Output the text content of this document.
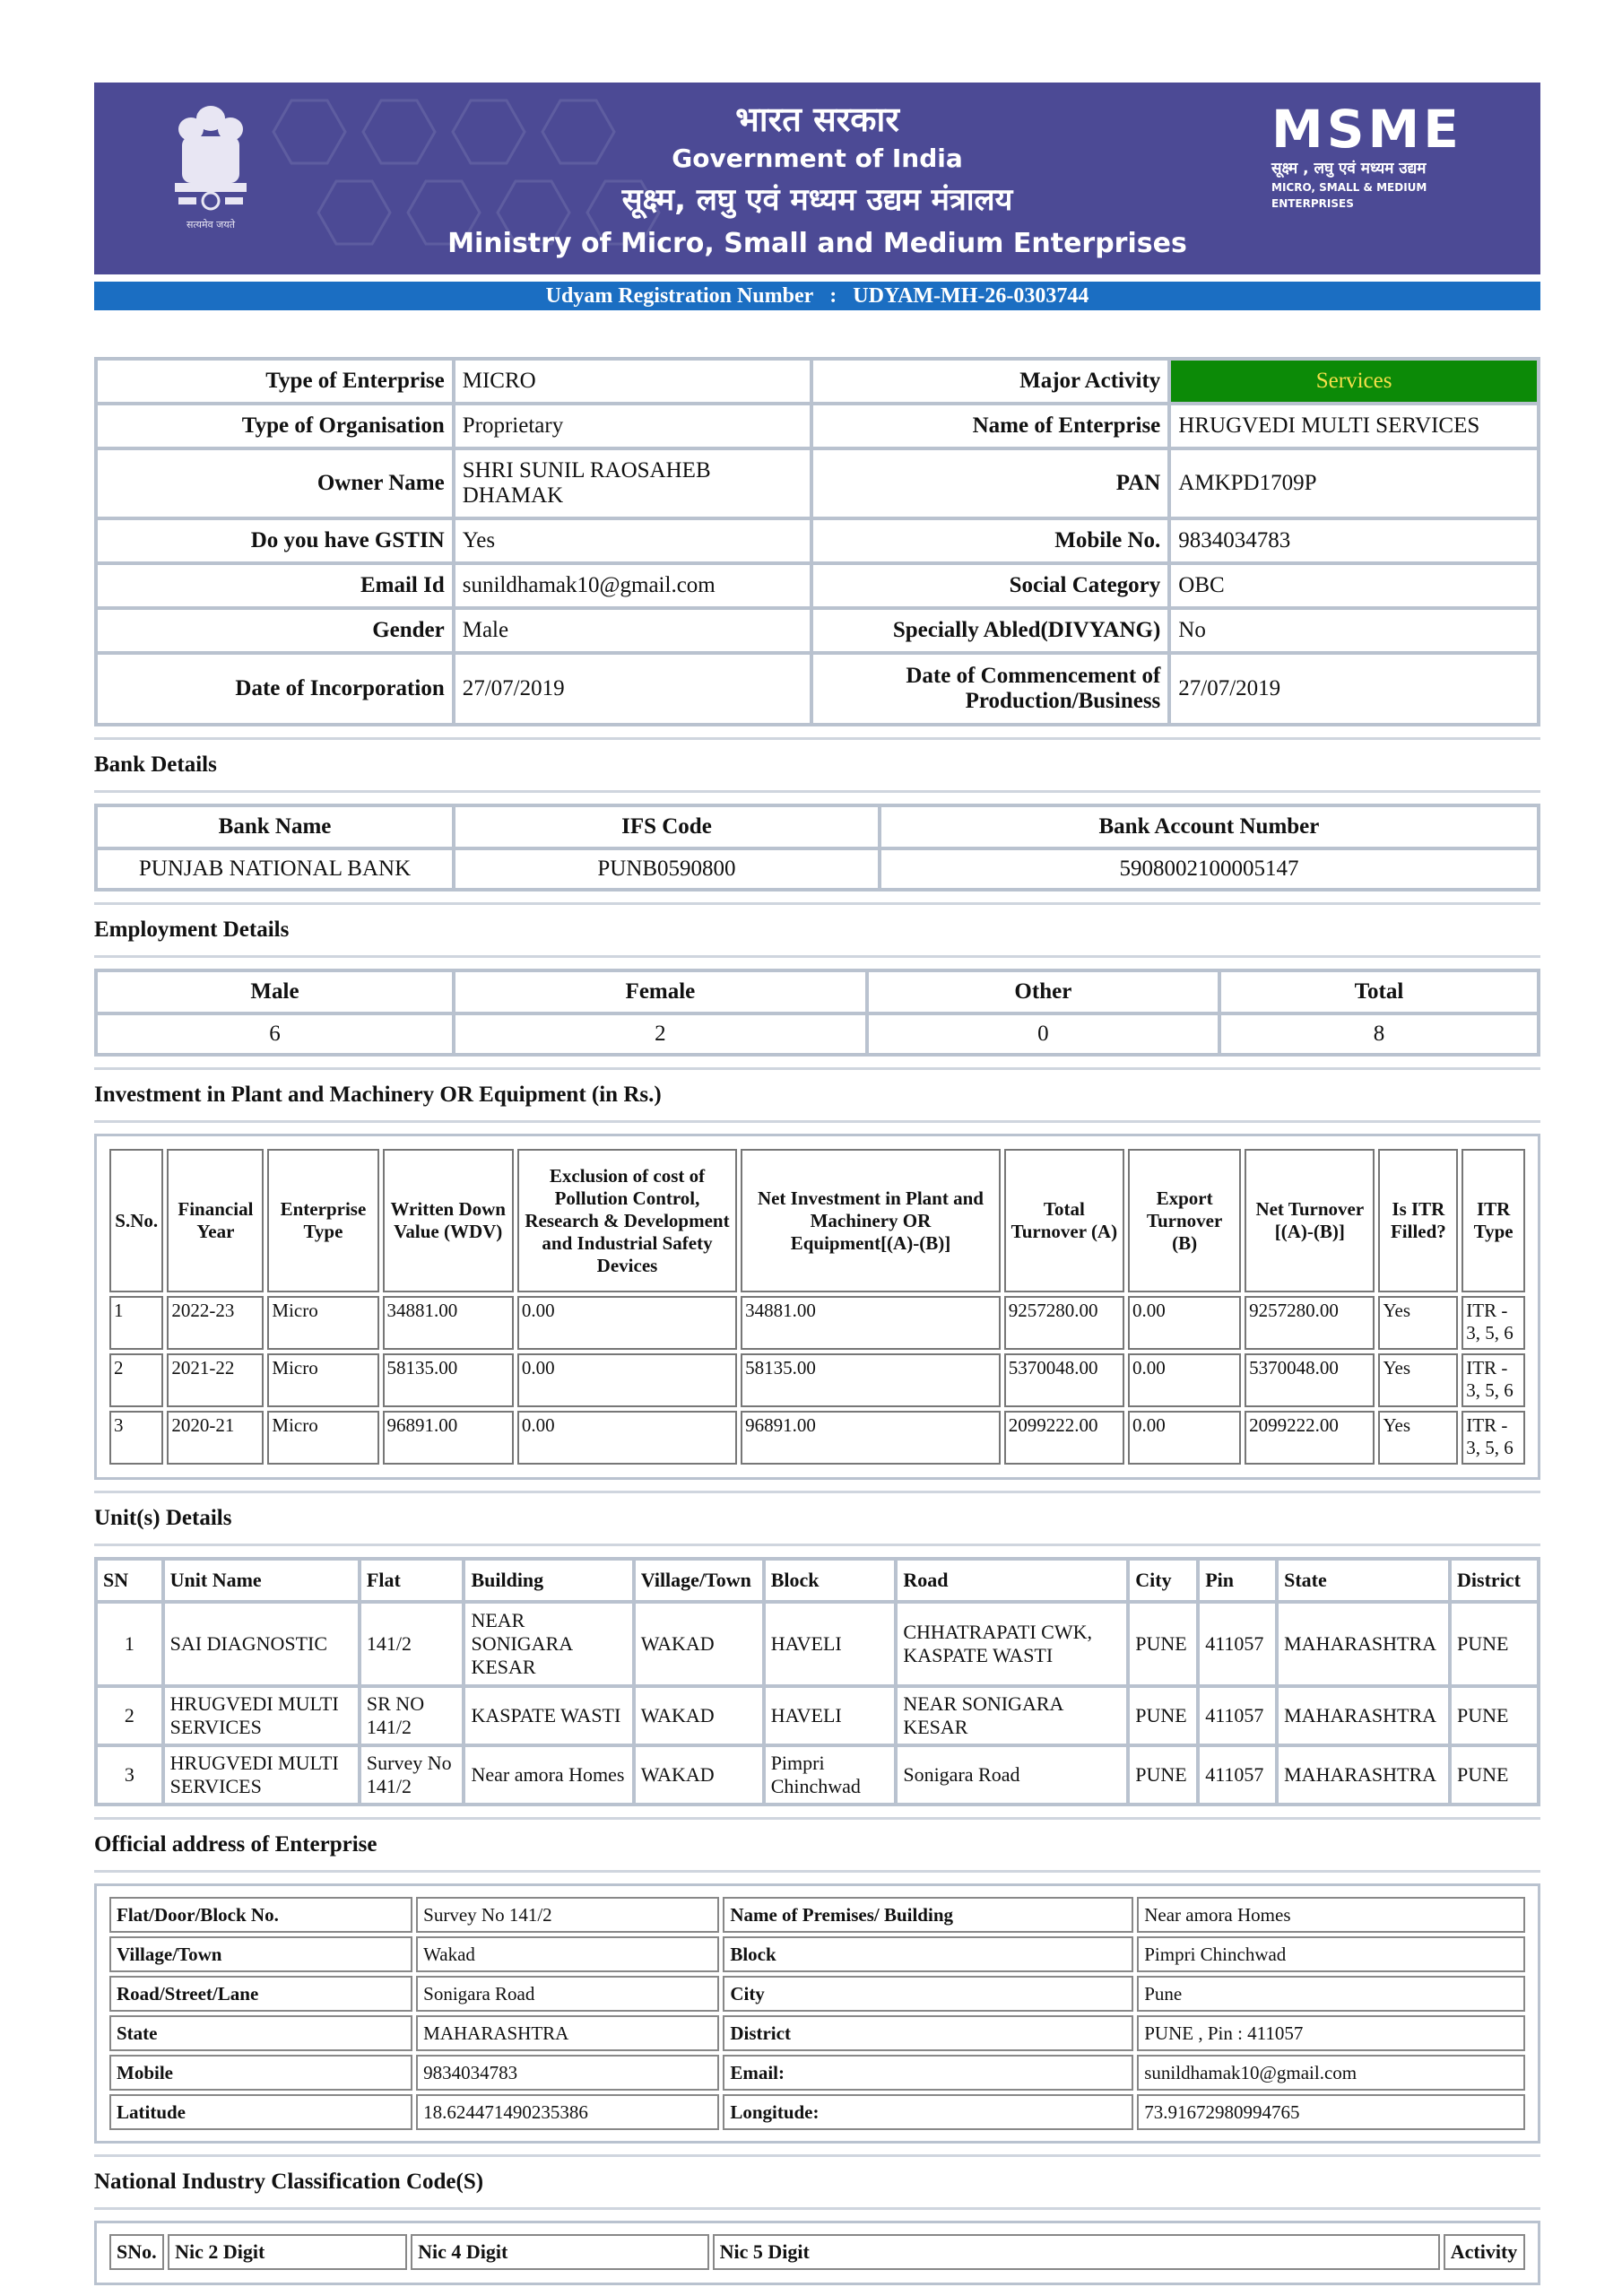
सत्यमेव जयते
भारत सरकार
Government of India
सूक्ष्म, लघु एवं मध्यम उद्यम मंत्रालय
Ministry of Micro, Small and Medium Enterprises
MSME
सूक्ष्म , लघु एवं मध्यम उद्यम
MICRO, SMALL & MEDIUM ENTERPRISES
Udyam Registration Number : UDYAM-MH-26-0303744
Type of Enterprise	MICRO	Major Activity	Services
Type of Organisation	Proprietary	Name of Enterprise	HRUGVEDI MULTI SERVICES
Owner Name	SHRI SUNIL RAOSAHEB DHAMAK	PAN	AMKPD1709P
Do you have GSTIN	Yes	Mobile No.	9834034783
Email Id	sunildhamak10@gmail.com	Social Category	OBC
Gender	Male	Specially Abled(DIVYANG)	No
Date of Incorporation	27/07/2019	Date of Commencement of Production/Business	27/07/2019
Bank Details
Bank Name	IFS Code	Bank Account Number
PUNJAB NATIONAL BANK	PUNB0590800	5908002100005147
Employment Details
Male	Female	Other	Total
6	2	0	8
Investment in Plant and Machinery OR Equipment (in Rs.)
S.No.	Financial Year	Enterprise Type	Written Down Value (WDV)	Exclusion of cost of Pollution Control, Research & Development and Industrial Safety Devices	Net Investment in Plant and Machinery OR Equipment[(A)-(B)]	Total Turnover (A)	Export Turnover (B)	Net Turnover [(A)-(B)]	Is ITR Filled?	ITR Type
1	2022-23	Micro	34881.00	0.00	34881.00	9257280.00	0.00	9257280.00	Yes	ITR - 3, 5, 6
2	2021-22	Micro	58135.00	0.00	58135.00	5370048.00	0.00	5370048.00	Yes	ITR - 3, 5, 6
3	2020-21	Micro	96891.00	0.00	96891.00	2099222.00	0.00	2099222.00	Yes	ITR - 3, 5, 6
Unit(s) Details
SN	Unit Name	Flat	Building	Village/Town	Block	Road	City	Pin	State	District
1	SAI DIAGNOSTIC	141/2	NEAR SONIGARA KESAR	WAKAD	HAVELI	CHHATRAPATI CWK, KASPATE WASTI	PUNE	411057	MAHARASHTRA	PUNE
2	HRUGVEDI MULTI SERVICES	SR NO 141/2	KASPATE WASTI	WAKAD	HAVELI	NEAR SONIGARA KESAR	PUNE	411057	MAHARASHTRA	PUNE
3	HRUGVEDI MULTI SERVICES	Survey No 141/2	Near amora Homes	WAKAD	Pimpri Chinchwad	Sonigara Road	PUNE	411057	MAHARASHTRA	PUNE
Official address of Enterprise
Flat/Door/Block No.	Survey No 141/2	Name of Premises/ Building	Near amora Homes
Village/Town	Wakad	Block	Pimpri Chinchwad
Road/Street/Lane	Sonigara Road	City	Pune
State	MAHARASHTRA	District	PUNE , Pin : 411057
Mobile	9834034783	Email:	sunildhamak10@gmail.com
Latitude	18.624471490235386	Longitude:	73.91672980994765
National Industry Classification Code(S)
SNo.	Nic 2 Digit	Nic 4 Digit	Nic 5 Digit	Activity
